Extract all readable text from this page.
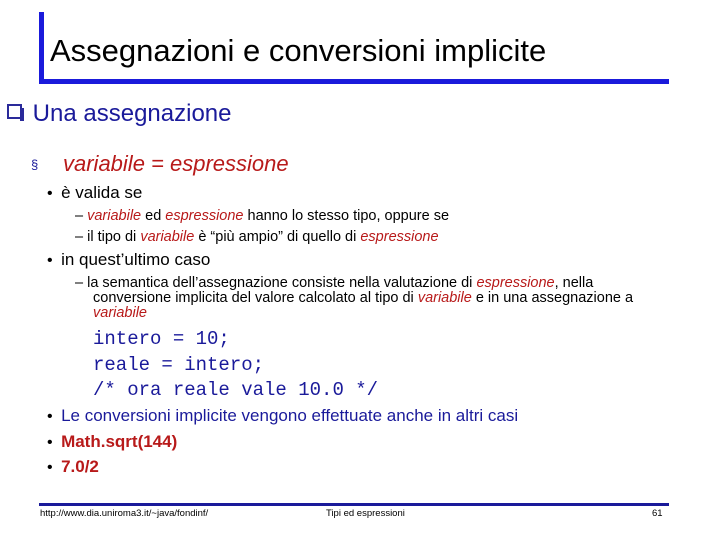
Assegnazioni e conversioni implicite
Una assegnazione
§ variabile = espressione
• è valida se
– variabile ed espressione hanno lo stesso tipo, oppure se
– il tipo di variabile è “più ampio” di quello di espressione
• in quest’ultimo caso
– la semantica dell’assegnazione consiste nella valutazione di espressione, nella
conversione implicita del valore calcolato al tipo di variabile e in una assegnazione a
variabile
intero = 10;
reale = intero;
/* ora reale vale 10.0 */
• Le conversioni implicite vengono effettuate anche in altri casi
• Math.sqrt(144)
• 7.0/2
http://www.dia.uniroma3.it/~java/fondinf/	Tipi ed espressioni	61
